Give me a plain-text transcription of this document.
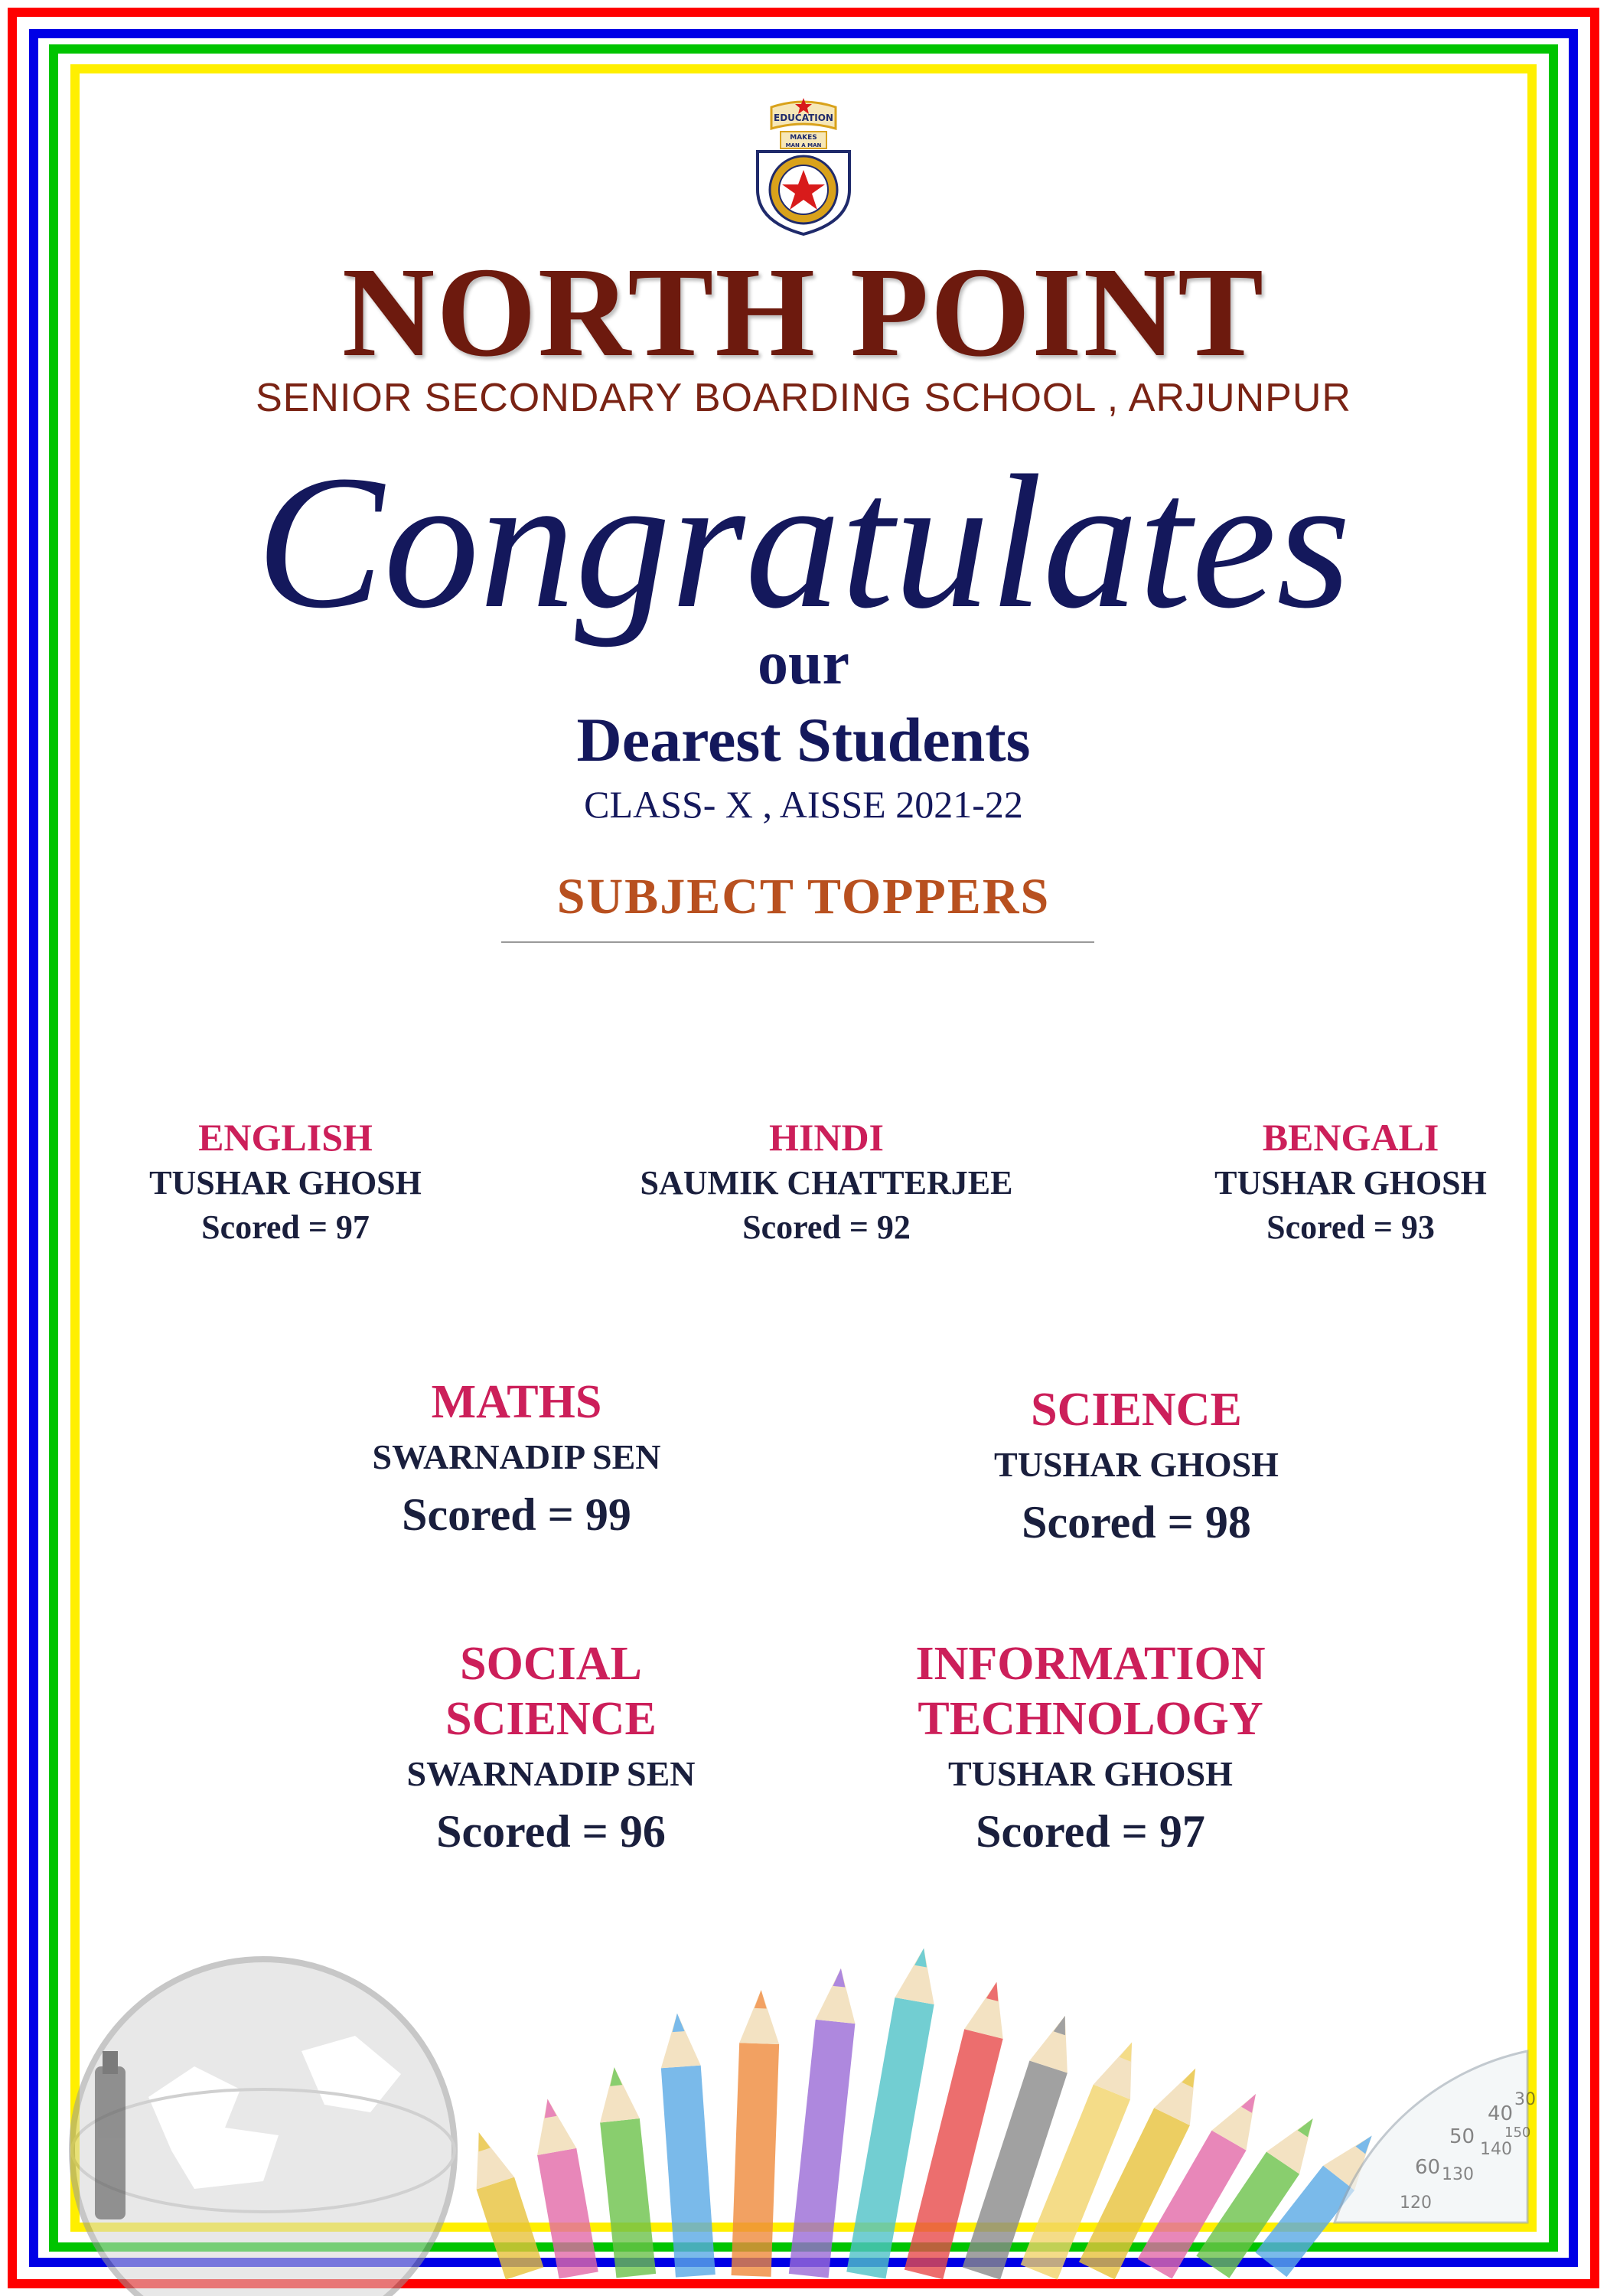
EDUCATION
MAKES
MAN A MAN
NORTH POINT
SENIOR SECONDARY BOARDING SCHOOL , ARJUNPUR
Congratulates
our
Dearest Students
CLASS- X , AISSE 2021-22
SUBJECT TOPPERS
ENGLISH
TUSHAR GHOSH
Scored = 97
HINDI
SAUMIK CHATTERJEE
Scored = 92
BENGALI
TUSHAR GHOSH
Scored = 93
MATHS
SWARNADIP SEN
Scored = 99
SCIENCE
TUSHAR GHOSH
Scored = 98
SOCIAL
SCIENCE
SWARNADIP SEN
Scored = 96
INFORMATION
TECHNOLOGY
TUSHAR GHOSH
Scored = 97
60
50
40
30
120
130
140
150
